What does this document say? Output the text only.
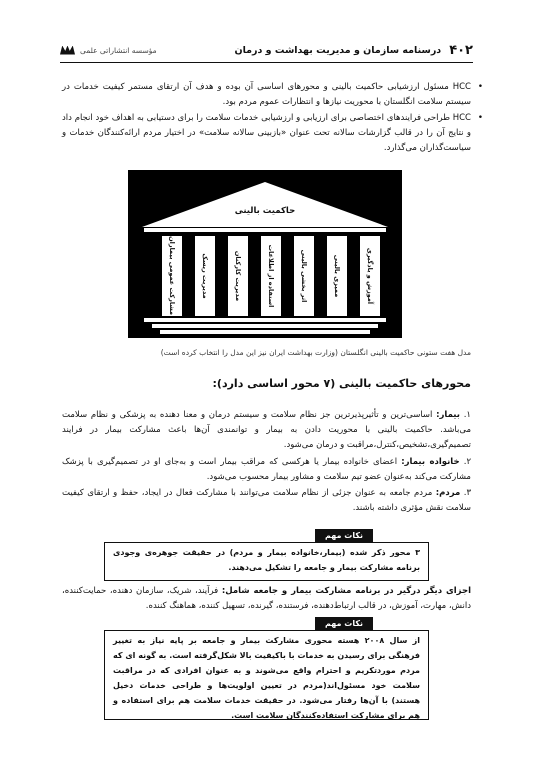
۴۰۲
درسنامه سازمان و مدیریت بهداشت و درمان
مؤسسه انتشاراتی علمی
•
HCC مسئول ارزشیابی حاکمیت بالینی و محورهای اساسی آن بوده و هدف آن ارتقای مستمر کیفیت خدمات در سیستم سلامت انگلستان با محوریت نیازها و انتظارات عموم مردم بود.
•
HCC طراحی فرایندهای اختصاصی برای ارزیابی و ارزشیابی خدمات سلامت را برای دستیابی به اهداف خود انجام داد و نتایج آن را در قالب گزارشات سالانه تحت عنوان «بازبینی سالانه سلامت» در اختیار مردم ارائه‌کنندگان خدمات و سیاست‌گذاران می‌گذارد.
حاکمیت بالینی
آموزش و یادگیری
ممیزی بالینی
اثر بخشی بالینی
استفاده از اطلاعات
مدیریت کارکنان
مدیریت ریسک
مشارکت عمومی بیماران
مدل هفت ستونی حاکمیت بالینی انگلستان (وزارت بهداشت ایران نیز این مدل را انتخاب کرده است)
محورهای حاکمیت بالینی (۷ محور اساسی دارد):
۱. بیمار: اساسی‌ترین و تأثیرپذیرترین جز نظام سلامت و سیستم درمان و معنا دهنده به پزشکی و نظام سلامت می‌باشد. حاکمیت بالینی با محوریت دادن به بیمار و توانمندی آن‌ها باعث مشارکت بیمار در فرایند تصمیم‌گیری،تشخیص،کنترل،مراقبت و درمان می‌شود.
۲. خانواده بیمار: اعضای خانواده بیمار یا هرکسی که مراقب بیمار است و به‌جای او در تصمیم‌گیری با پزشک مشارکت می‌کند به‌عنوان عضو تیم سلامت و مشاور بیمار محسوب می‌شود.
۳. مردم: مردم جامعه به عنوان جزئی از نظام سلامت می‌توانند با مشارکت فعال در ایجاد، حفظ و ارتقای کیفیت سلامت نقش مؤثری داشته باشند.
نکات مهم
۳ محور ذکر شده (بیمار،خانواده بیمار و مردم) در حقیقت جوهره‌ی وجودی برنامه مشارکت بیمار و جامعه را تشکیل می‌دهند.
اجزای دیگر درگیر در برنامه مشارکت بیمار و جامعه شامل: فرآیند، شریک، سازمان دهنده، حمایت‌کننده، دانش، مهارت، آموزش، در قالب ارتباط‌دهنده، فرستنده، گیرنده، تسهیل کننده، هماهنگ کننده.
نکات مهم
از سال ۲۰۰۸ هسته محوری مشارکت بیمار و جامعه بر پایه نیاز به تغییر فرهنگی برای رسیدن به خدمات با باکیفیت بالا شکل‌گرفته است. به گونه ای که مردم موردتکریم و احترام واقع می‌شوند و به عنوان افرادی که در مراقبت سلامت خود مسئول‌اند(مردم در تعیین اولویت‌ها و طراحی خدمات دخیل هستند) با آن‌ها رفتار می‌شود. در حقیقت خدمات سلامت هم برای استفاده و هم برای مشارکت استفاده‌کنندگان سلامت است.
